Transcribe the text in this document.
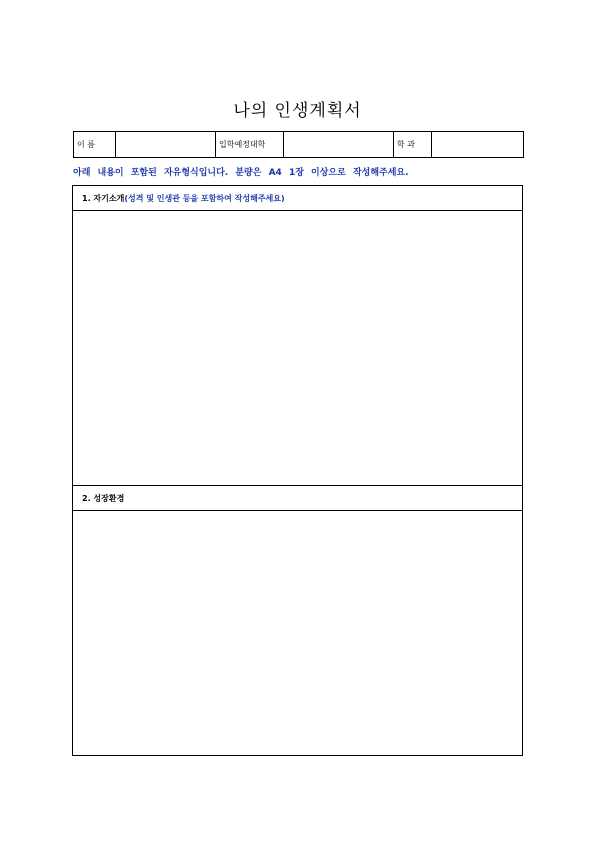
나의 인생계획서
이 름		입학예정대학		학 과	
아래 내용이 포함된 자유형식입니다. 분량은 A4 1장 이상으로 작성해주세요.
1. 자기소개(성격 및 인생관 등을 포함하여 작성해주세요)
2. 성장환경
